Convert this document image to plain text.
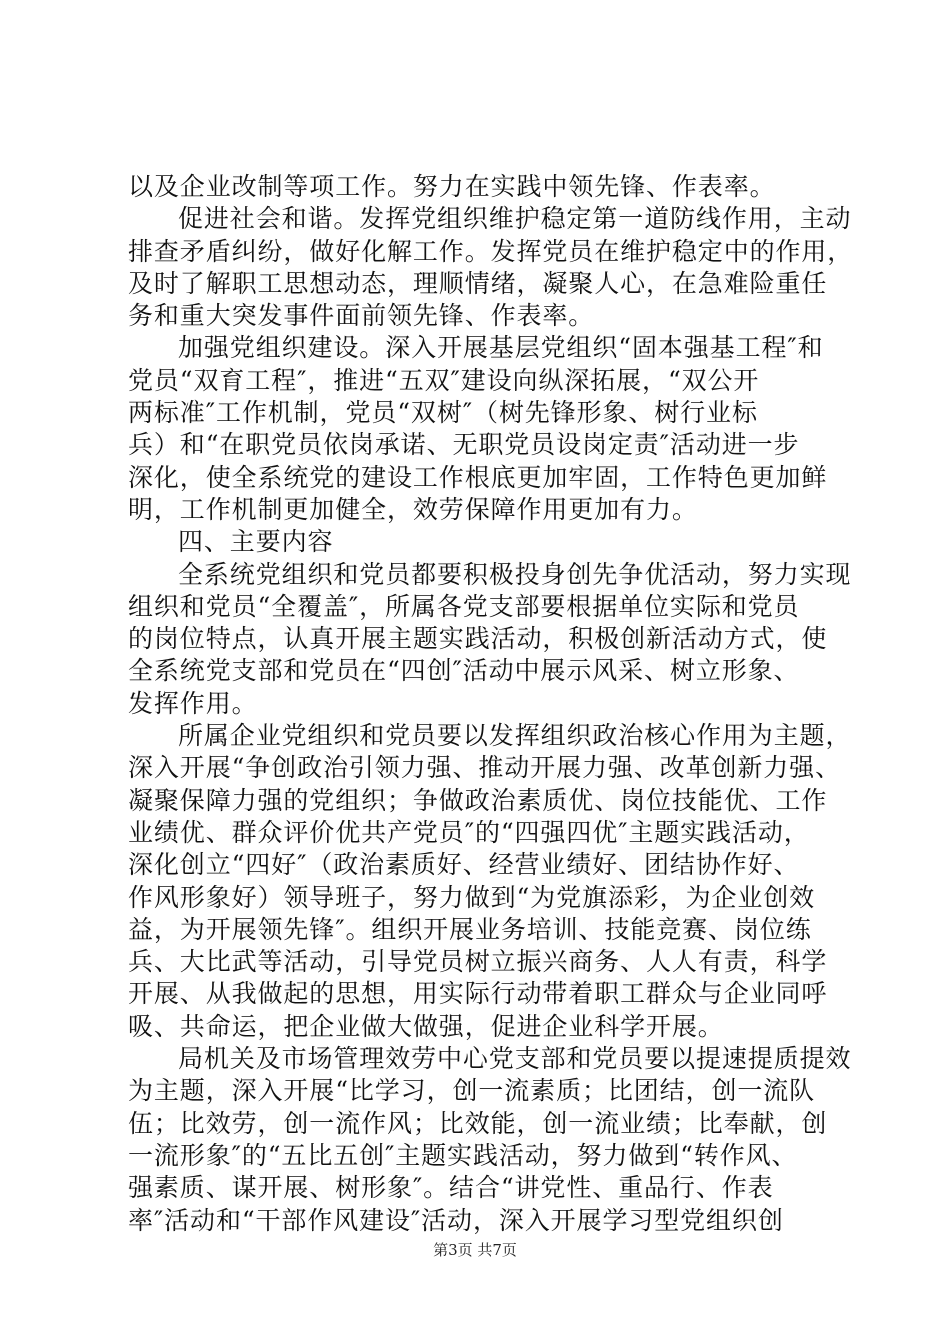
以及企业改制等项工作。努力在实践中领先锋、作表率。
促进社会和谐。发挥党组织维护稳定第一道防线作用，主动
排查矛盾纠纷，做好化解工作。发挥党员在维护稳定中的作用，
及时了解职工思想动态，理顺情绪，凝聚人心，在急难险重任
务和重大突发事件面前领先锋、作表率。
加强党组织建设。深入开展基层党组织“固本强基工程″和
党员“双育工程″，推进“五双″建设向纵深拓展，“双公开
两标准″工作机制，党员“双树″（树先锋形象、树行业标
兵）和“在职党员依岗承诺、无职党员设岗定责″活动进一步
深化，使全系统党的建设工作根底更加牢固，工作特色更加鲜
明，工作机制更加健全，效劳保障作用更加有力。
四、主要内容
全系统党组织和党员都要积极投身创先争优活动，努力实现
组织和党员“全覆盖″，所属各党支部要根据单位实际和党员
的岗位特点，认真开展主题实践活动，积极创新活动方式，使
全系统党支部和党员在“四创″活动中展示风采、树立形象、
发挥作用。
所属企业党组织和党员要以发挥组织政治核心作用为主题，
深入开展“争创政治引领力强、推动开展力强、改革创新力强、
凝聚保障力强的党组织；争做政治素质优、岗位技能优、工作
业绩优、群众评价优共产党员″的“四强四优″主题实践活动，
深化创立“四好″（政治素质好、经营业绩好、团结协作好、
作风形象好）领导班子，努力做到“为党旗添彩，为企业创效
益，为开展领先锋″。组织开展业务培训、技能竞赛、岗位练
兵、大比武等活动，引导党员树立振兴商务、人人有责，科学
开展、从我做起的思想，用实际行动带着职工群众与企业同呼
吸、共命运，把企业做大做强，促进企业科学开展。
局机关及市场管理效劳中心党支部和党员要以提速提质提效
为主题，深入开展“比学习，创一流素质；比团结，创一流队
伍；比效劳，创一流作风；比效能，创一流业绩；比奉献，创
一流形象″的“五比五创″主题实践活动，努力做到“转作风、
强素质、谋开展、树形象″。结合“讲党性、重品行、作表
率″活动和“干部作风建设″活动，深入开展学习型党组织创
第3页 共7页
